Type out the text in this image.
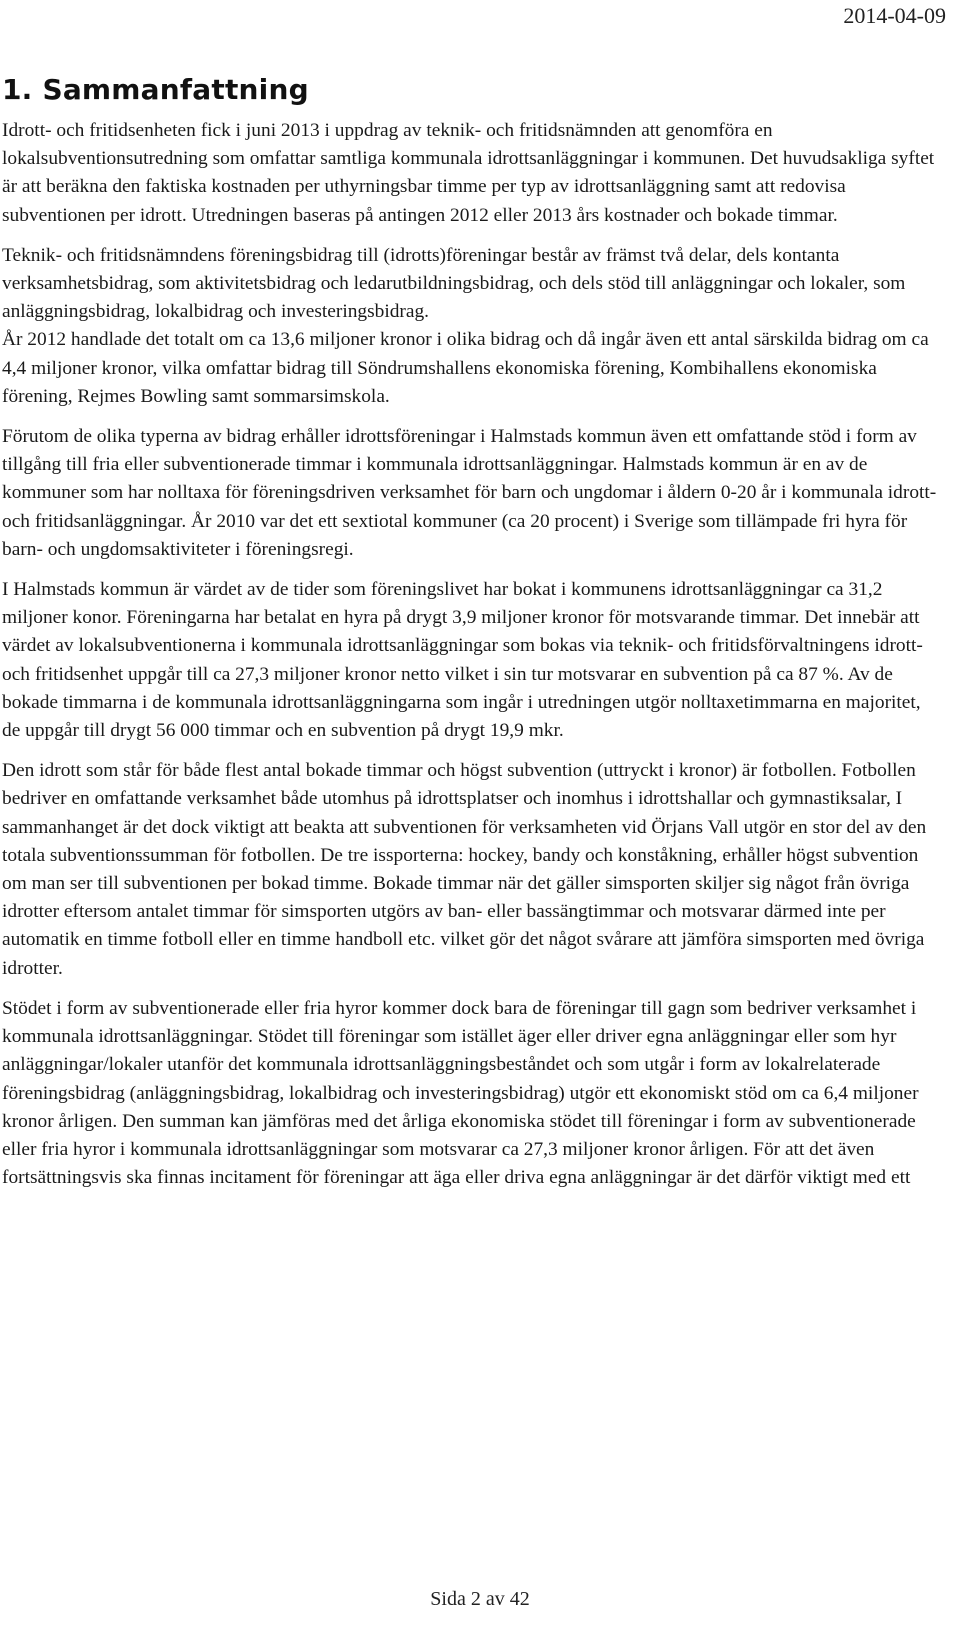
2014-04-09
1. Sammanfattning

Idrott- och fritidsenheten fick i juni 2013 i uppdrag av teknik- och fritidsnämnden att genomföra en lokalsubventionsutredning som omfattar samtliga kommunala idrottsanläggningar i kommunen. Det huvudsakliga syftet är att beräkna den faktiska kostnaden per uthyrningsbar timme per typ av idrottsanläggning samt att redovisa subventionen per idrott. Utredningen baseras på antingen 2012 eller 2013 års kostnader och bokade timmar.

Teknik- och fritidsnämndens föreningsbidrag till (idrotts)föreningar består av främst två delar, dels kontanta verksamhetsbidrag, som aktivitetsbidrag och ledarutbildningsbidrag, och dels stöd till anläggningar och lokaler, som anläggningsbidrag, lokalbidrag och investeringsbidrag.

År 2012 handlade det totalt om ca 13,6 miljoner kronor i olika bidrag och då ingår även ett antal särskilda bidrag om ca 4,4 miljoner kronor, vilka omfattar bidrag till Söndrumshallens ekonomiska förening, Kombihallens ekonomiska förening, Rejmes Bowling samt sommarsimskola.

Förutom de olika typerna av bidrag erhåller idrottsföreningar i Halmstads kommun även ett omfattande stöd i form av tillgång till fria eller subventionerade timmar i kommunala idrottsanläggningar. Halmstads kommun är en av de kommuner som har nolltaxa för föreningsdriven verksamhet för barn och ungdomar i åldern 0-20 år i kommunala idrott- och fritidsanläggningar. År 2010 var det ett sextiotal kommuner (ca 20 procent) i Sverige som tillämpade fri hyra för barn- och ungdomsaktiviteter i föreningsregi.

I Halmstads kommun är värdet av de tider som föreningslivet har bokat i kommunens idrottsanläggningar ca 31,2 miljoner konor. Föreningarna har betalat en hyra på drygt 3,9 miljoner kronor för motsvarande timmar. Det innebär att värdet av lokalsubventionerna i kommunala idrottsanläggningar som bokas via teknik- och fritidsförvaltningens idrott- och fritidsenhet uppgår till ca 27,3 miljoner kronor netto vilket i sin tur motsvarar en subvention på ca 87 %. Av de bokade timmarna i de kommunala idrottsanläggningarna som ingår i utredningen utgör nolltaxetimmarna en majoritet, de uppgår till drygt 56 000 timmar och en subvention på drygt 19,9 mkr.

Den idrott som står för både flest antal bokade timmar och högst subvention (uttryckt i kronor) är fotbollen. Fotbollen bedriver en omfattande verksamhet både utomhus på idrottsplatser och inomhus i idrottshallar och gymnastiksalar, I sammanhanget är det dock viktigt att beakta att subventionen för verksamheten vid Örjans Vall utgör en stor del av den totala subventionssumman för fotbollen. De tre issporterna: hockey, bandy och konståkning, erhåller högst subvention om man ser till subventionen per bokad timme. Bokade timmar när det gäller simsporten skiljer sig något från övriga idrotter eftersom antalet timmar för simsporten utgörs av ban- eller bassängtimmar och motsvarar därmed inte per automatik en timme fotboll eller en timme handboll etc. vilket gör det något svårare att jämföra simsporten med övriga idrotter.

Stödet i form av subventionerade eller fria hyror kommer dock bara de föreningar till gagn som bedriver verksamhet i kommunala idrottsanläggningar. Stödet till föreningar som istället äger eller driver egna anläggningar eller som hyr anläggningar/lokaler utanför det kommunala idrottsanläggningsbeståndet och som utgår i form av lokalrelaterade föreningsbidrag (anläggningsbidrag, lokalbidrag och investeringsbidrag) utgör ett ekonomiskt stöd om ca 6,4 miljoner kronor årligen. Den summan kan jämföras med det årliga ekonomiska stödet till föreningar i form av subventionerade eller fria hyror i kommunala idrottsanläggningar som motsvarar ca 27,3 miljoner kronor årligen. För att det även fortsättningsvis ska finnas incitament för föreningar att äga eller driva egna anläggningar är det därför viktigt med ett

Sida 2 av 42
